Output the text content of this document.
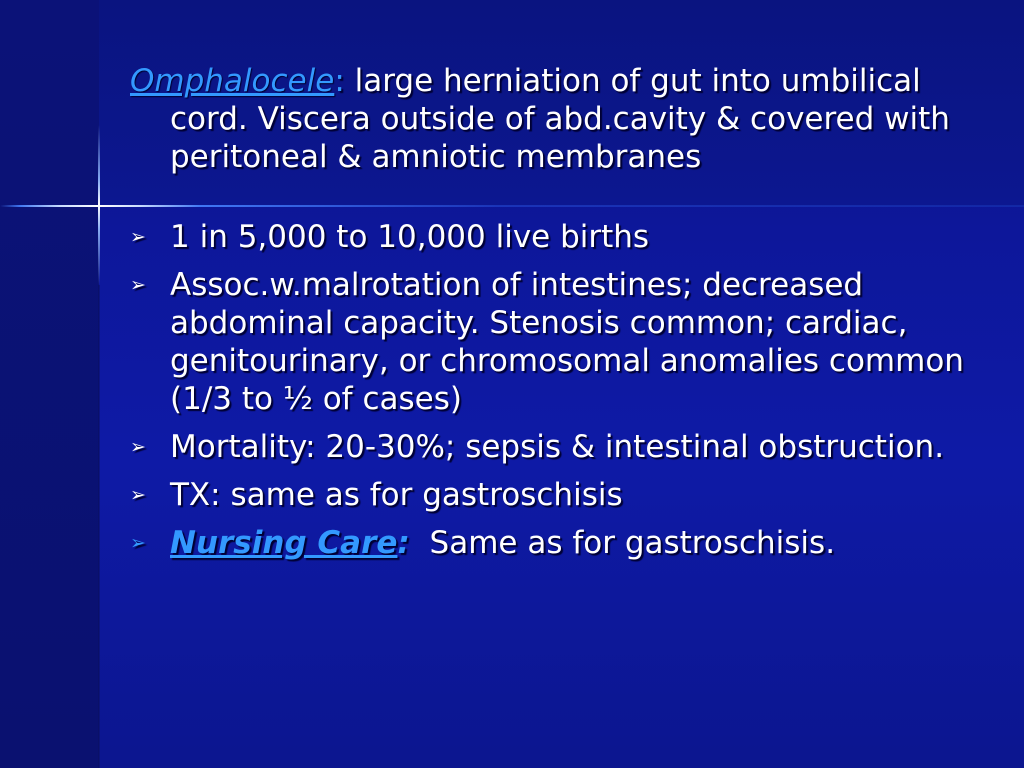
Omphalocele: large herniation of gut into umbilical cord. Viscera outside of abd.cavity & covered with peritoneal & amniotic membranes

➢ 1 in 5,000 to 10,000 live births
➢ Assoc.w.malrotation of intestines; decreased abdominal capacity. Stenosis common; cardiac, genitourinary, or chromosomal anomalies common (1/3 to ½ of cases)
➢ Mortality: 20-30%; sepsis & intestinal obstruction.
➢ TX: same as for gastroschisis
➢ Nursing Care:  Same as for gastroschisis.
